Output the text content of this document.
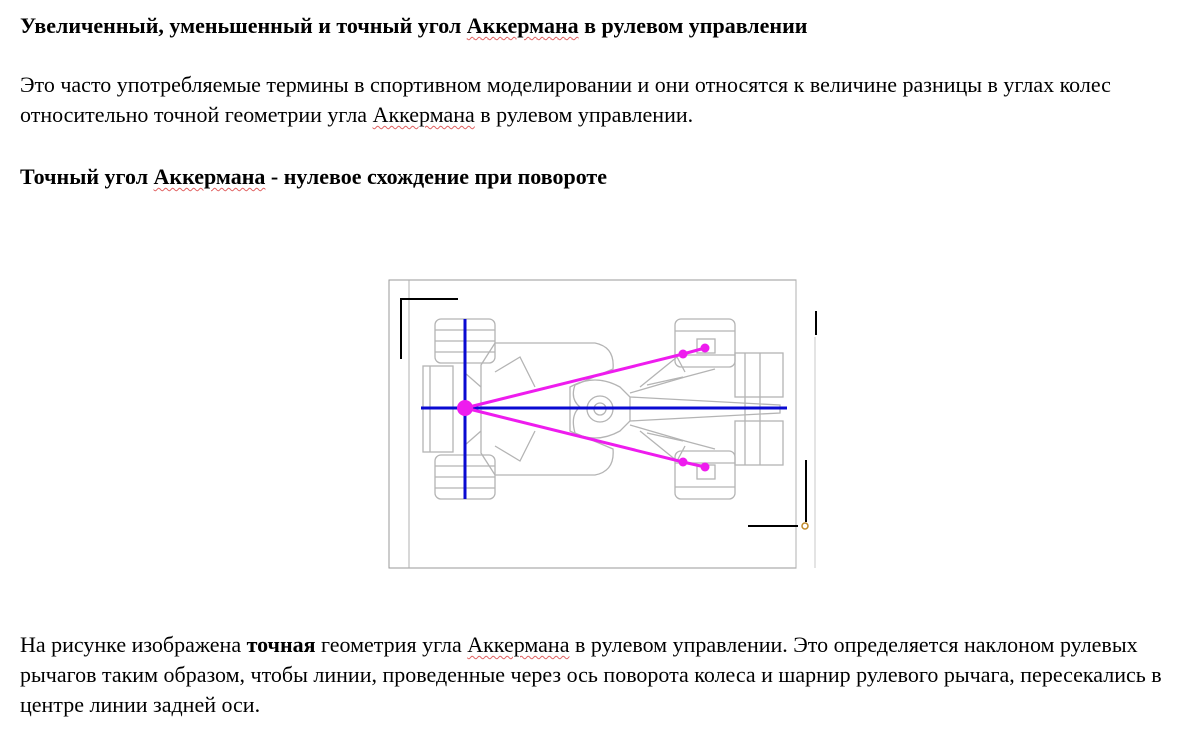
Увеличенный, уменьшенный и точный угол Аккермана в рулевом управлении

Это часто употребляемые термины в спортивном моделировании и они относятся к величине разницы в углах колес относительно точной геометрии угла Аккермана в рулевом управлении.

Точный угол Аккермана - нулевое схождение при повороте

На рисунке изображена точная геометрия угла Аккермана в рулевом управлении. Это определяется наклоном рулевых рычагов таким образом, чтобы линии, проведенные через ось поворота колеса и шарнир рулевого рычага, пересекались в центре линии задней оси.
